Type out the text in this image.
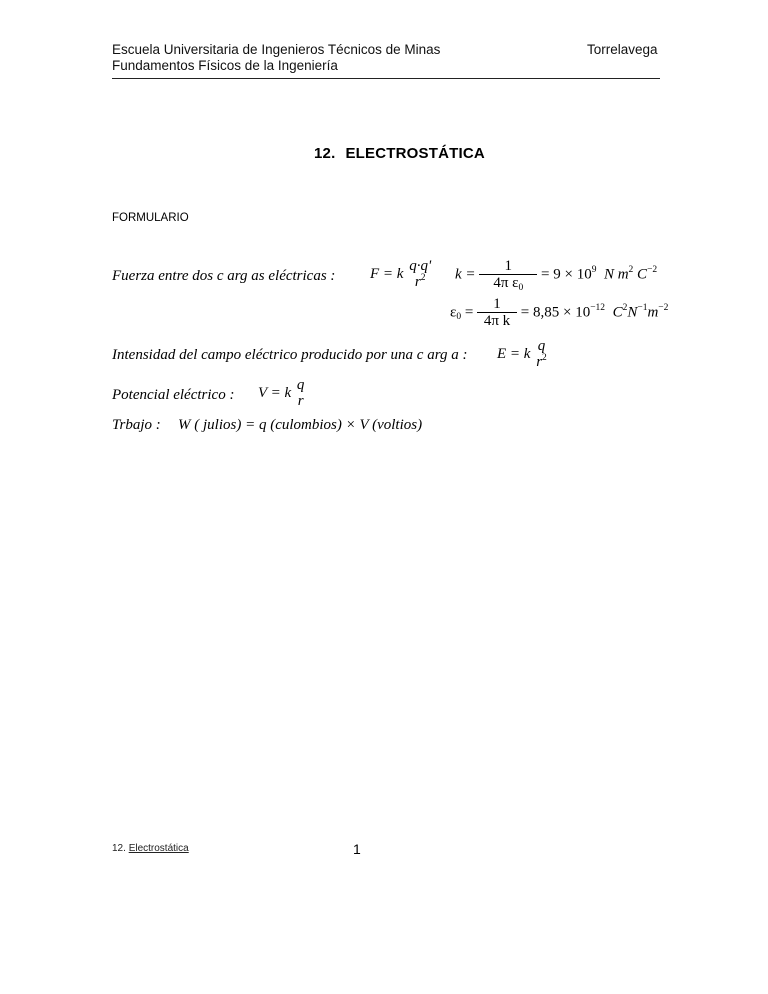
Escuela Universitaria de Ingenieros Técnicos de Minas
Fundamentos Físicos de la Ingeniería
Torrelavega
12. ELECTROSTÁTICA
FORMULARIO
Fuerza entre dos c arg as eléctricas : F = k q·q'
$r^2$	$k = \frac{1}{4\pi \varepsilon_0} = 9 \times 10^9$ N $m^2$ $C^{-2}$
$\varepsilon_0 = \frac{1}{\text{4π k}} = 8,85 \times 10^{-12}$ $C^2N^{-1}m^{-2}$
Intensidad del campo eléctrico producido por una c arg a : E = k q
$r^2$
Potencial eléctrico : V = k q
r
Trbajo : W ( julios) = q (culombios) × V (voltios)
12. Electrostática	1
